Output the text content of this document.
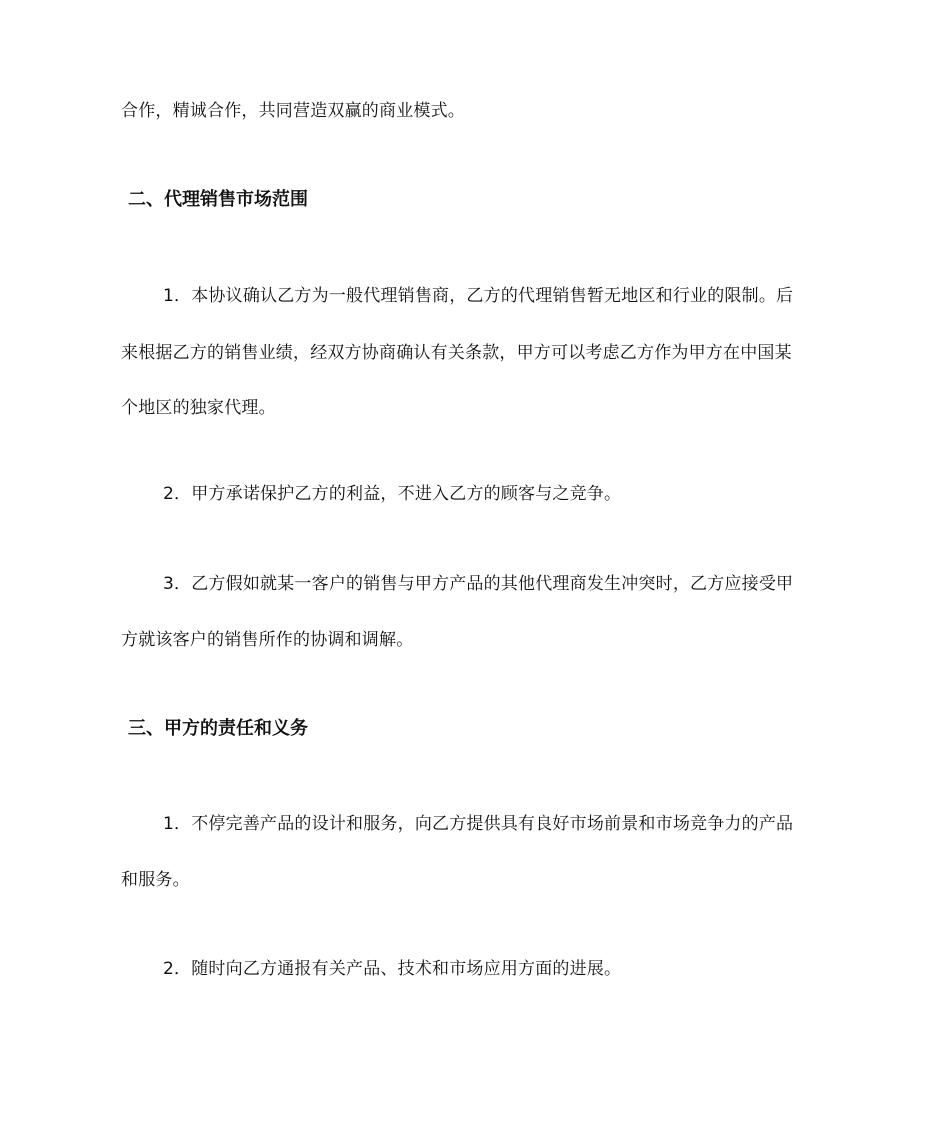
合作，精诚合作，共同营造双赢的商业模式。
二、代理销售市场范围
1．本协议确认乙方为一般代理销售商，乙方的代理销售暂无地区和行业的限制。后
来根据乙方的销售业绩，经双方协商确认有关条款，甲方可以考虑乙方作为甲方在中国某
个地区的独家代理。
2．甲方承诺保护乙方的利益，不进入乙方的顾客与之竞争。
3．乙方假如就某一客户的销售与甲方产品的其他代理商发生冲突时，乙方应接受甲
方就该客户的销售所作的协调和调解。
三、甲方的责任和义务
1．不停完善产品的设计和服务，向乙方提供具有良好市场前景和市场竞争力的产品
和服务。
2．随时向乙方通报有关产品、技术和市场应用方面的进展。
